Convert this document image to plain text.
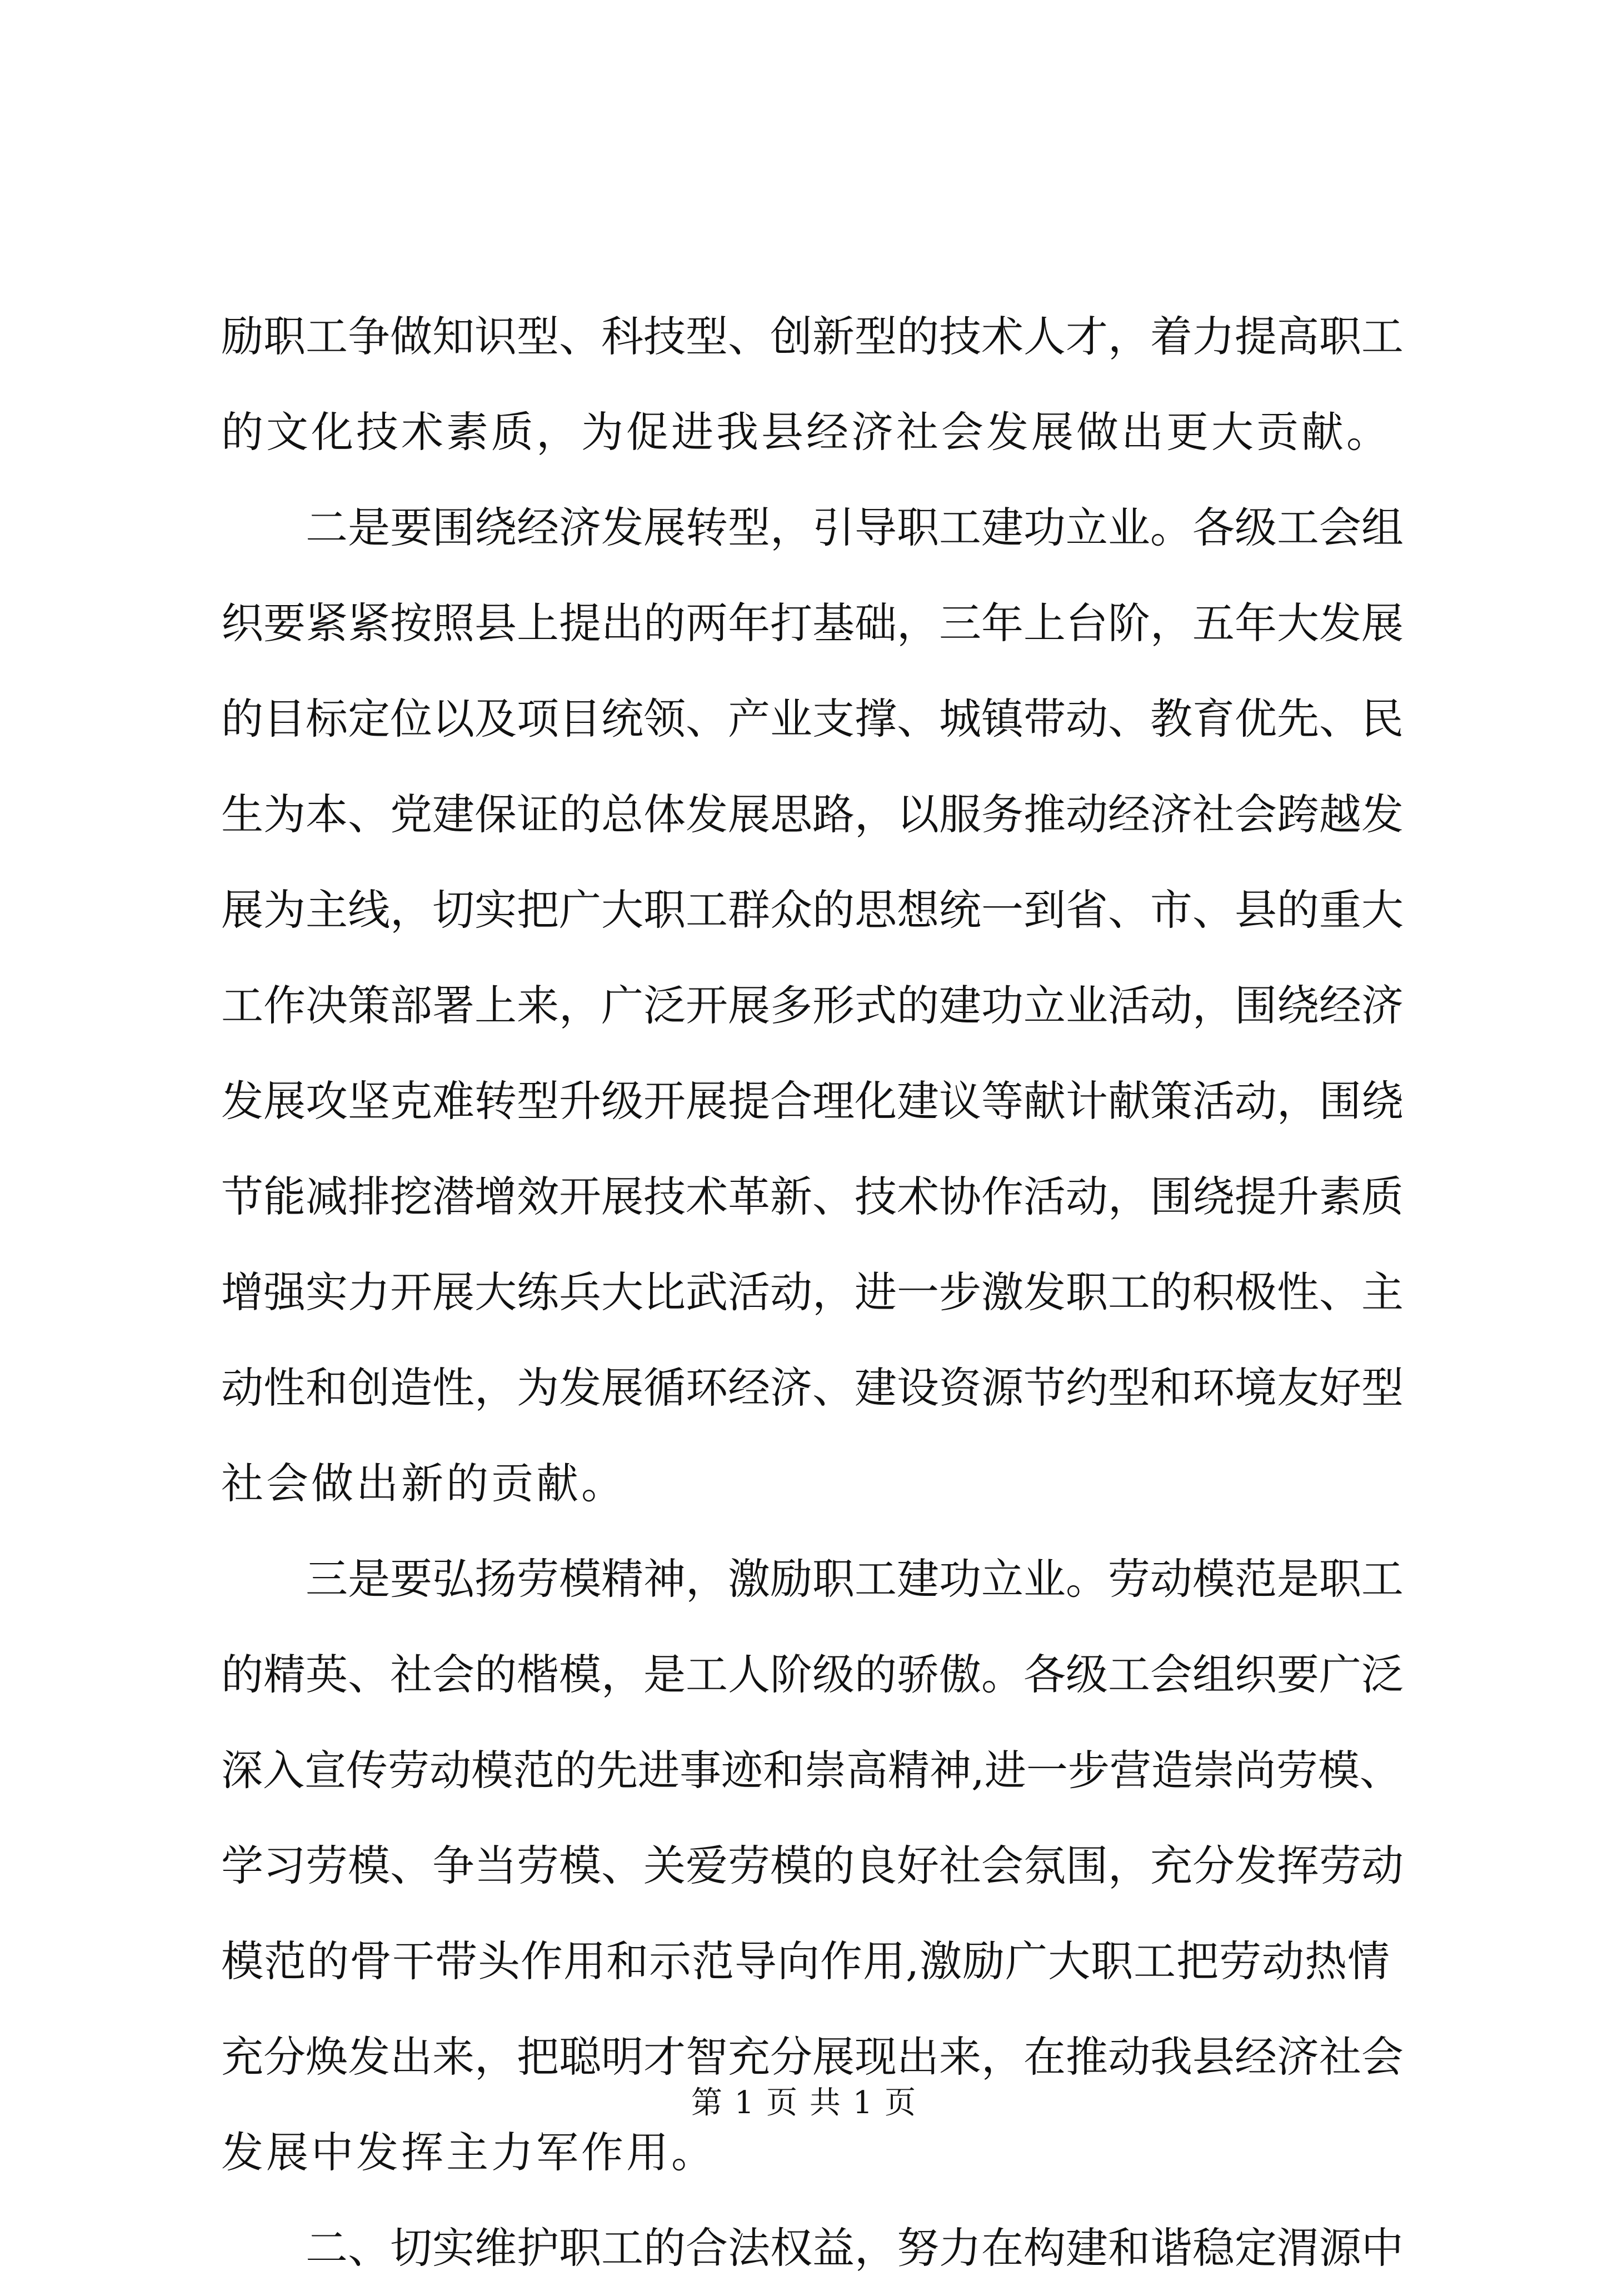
励职工争做知识型、科技型、创新型的技术人才，着力提高职工
的文化技术素质，为促进我县经济社会发展做出更大贡献。
二是要围绕经济发展转型，引导职工建功立业。各级工会组
织要紧紧按照县上提出的两年打基础，三年上台阶，五年大发展
的目标定位以及项目统领、产业支撑、城镇带动、教育优先、民
生为本、党建保证的总体发展思路，以服务推动经济社会跨越发
展为主线，切实把广大职工群众的思想统一到省、市、县的重大
工作决策部署上来，广泛开展多形式的建功立业活动，围绕经济
发展攻坚克难转型升级开展提合理化建议等献计献策活动，围绕
节能减排挖潜增效开展技术革新、技术协作活动，围绕提升素质
增强实力开展大练兵大比武活动，进一步激发职工的积极性、主
动性和创造性，为发展循环经济、建设资源节约型和环境友好型
社会做出新的贡献。
三是要弘扬劳模精神，激励职工建功立业。劳动模范是职工
的精英、社会的楷模，是工人阶级的骄傲。各级工会组织要广泛
深入宣传劳动模范的先进事迹和崇高精神,进一步营造崇尚劳模、
学习劳模、争当劳模、关爱劳模的良好社会氛围，充分发挥劳动
模范的骨干带头作用和示范导向作用,激励广大职工把劳动热情
充分焕发出来，把聪明才智充分展现出来，在推动我县经济社会
发展中发挥主力军作用。
二、切实维护职工的合法权益，努力在构建和谐稳定渭源中
第 1 页 共 1 页
